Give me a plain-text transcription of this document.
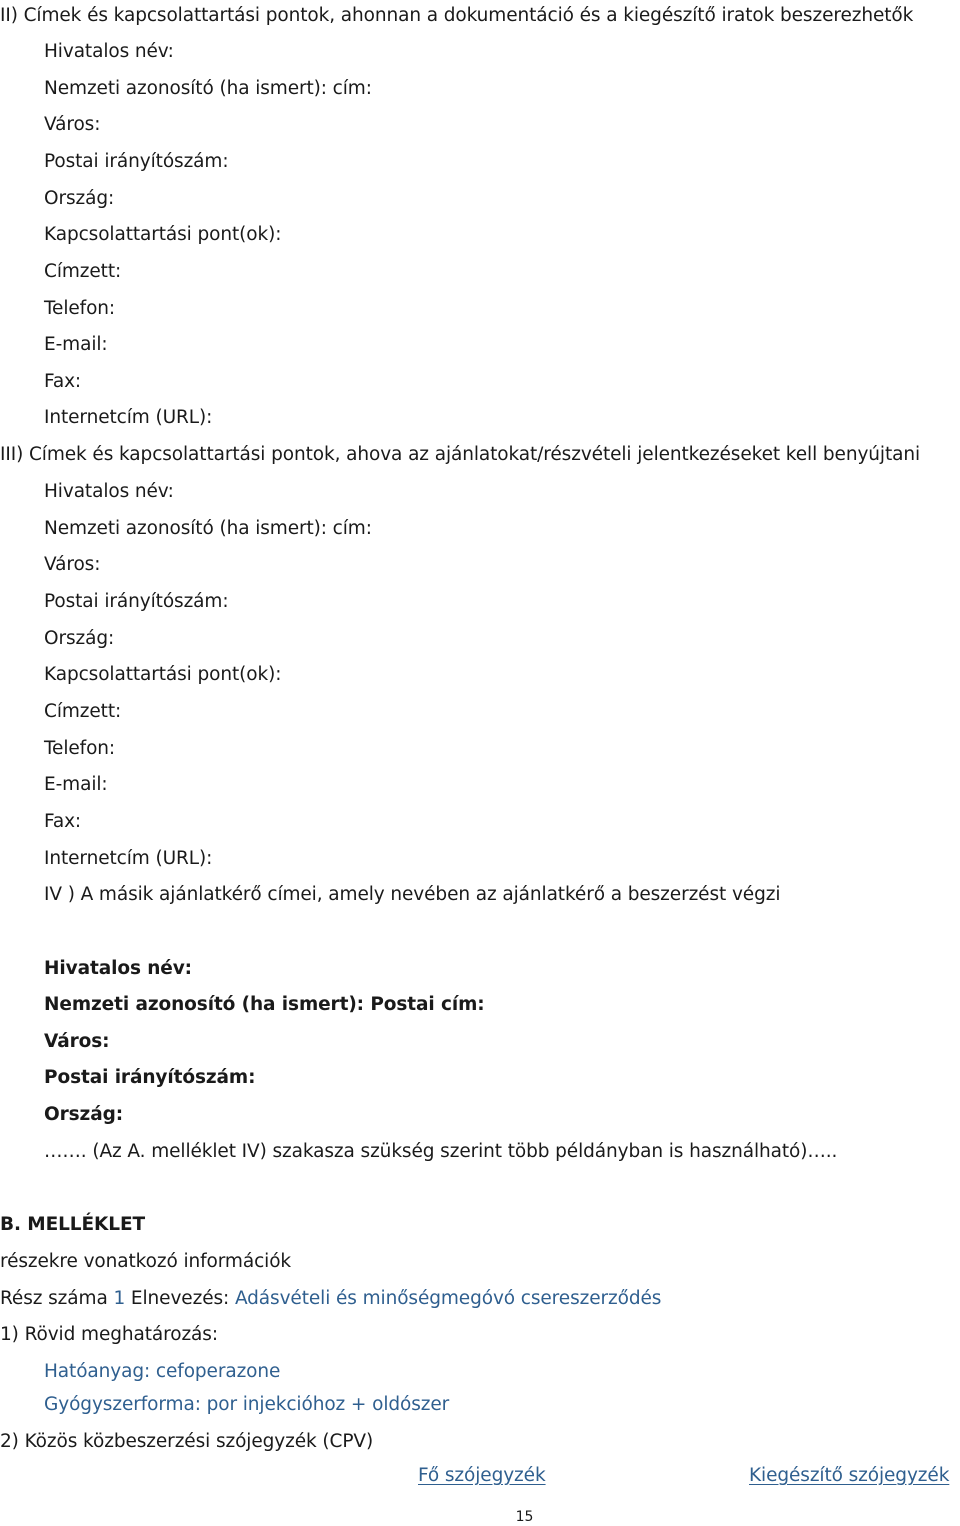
II) Címek és kapcsolattartási pontok, ahonnan a dokumentáció és a kiegészítő iratok beszerezhetők
Hivatalos név:
Nemzeti azonosító (ha ismert): cím:
Város:
Postai irányítószám:
Ország:
Kapcsolattartási pont(ok):
Címzett:
Telefon:
E-mail:
Fax:
Internetcím (URL):
III) Címek és kapcsolattartási pontok, ahova az ajánlatokat/részvételi jelentkezéseket kell benyújtani
Hivatalos név:
Nemzeti azonosító (ha ismert): cím:
Város:
Postai irányítószám:
Ország:
Kapcsolattartási pont(ok):
Címzett:
Telefon:
E-mail:
Fax:
Internetcím (URL):
IV ) A másik ajánlatkérő címei, amely nevében az ajánlatkérő a beszerzést végzi
Hivatalos név:
Nemzeti azonosító (ha ismert): Postai cím:
Város:
Postai irányítószám:
Ország:
……. (Az A. melléklet IV) szakasza szükség szerint több példányban is használható)…..
B. MELLÉKLET
részekre vonatkozó információk
Rész száma 1 Elnevezés: Adásvételi és minőségmegóvó csereszerződés
1) Rövid meghatározás:
Hatóanyag: cefoperazone
Gyógyszerforma: por injekcióhoz + oldószer
2) Közös közbeszerzési szójegyzék (CPV)
Fő szójegyzék	Kiegészítő szójegyzék
15
